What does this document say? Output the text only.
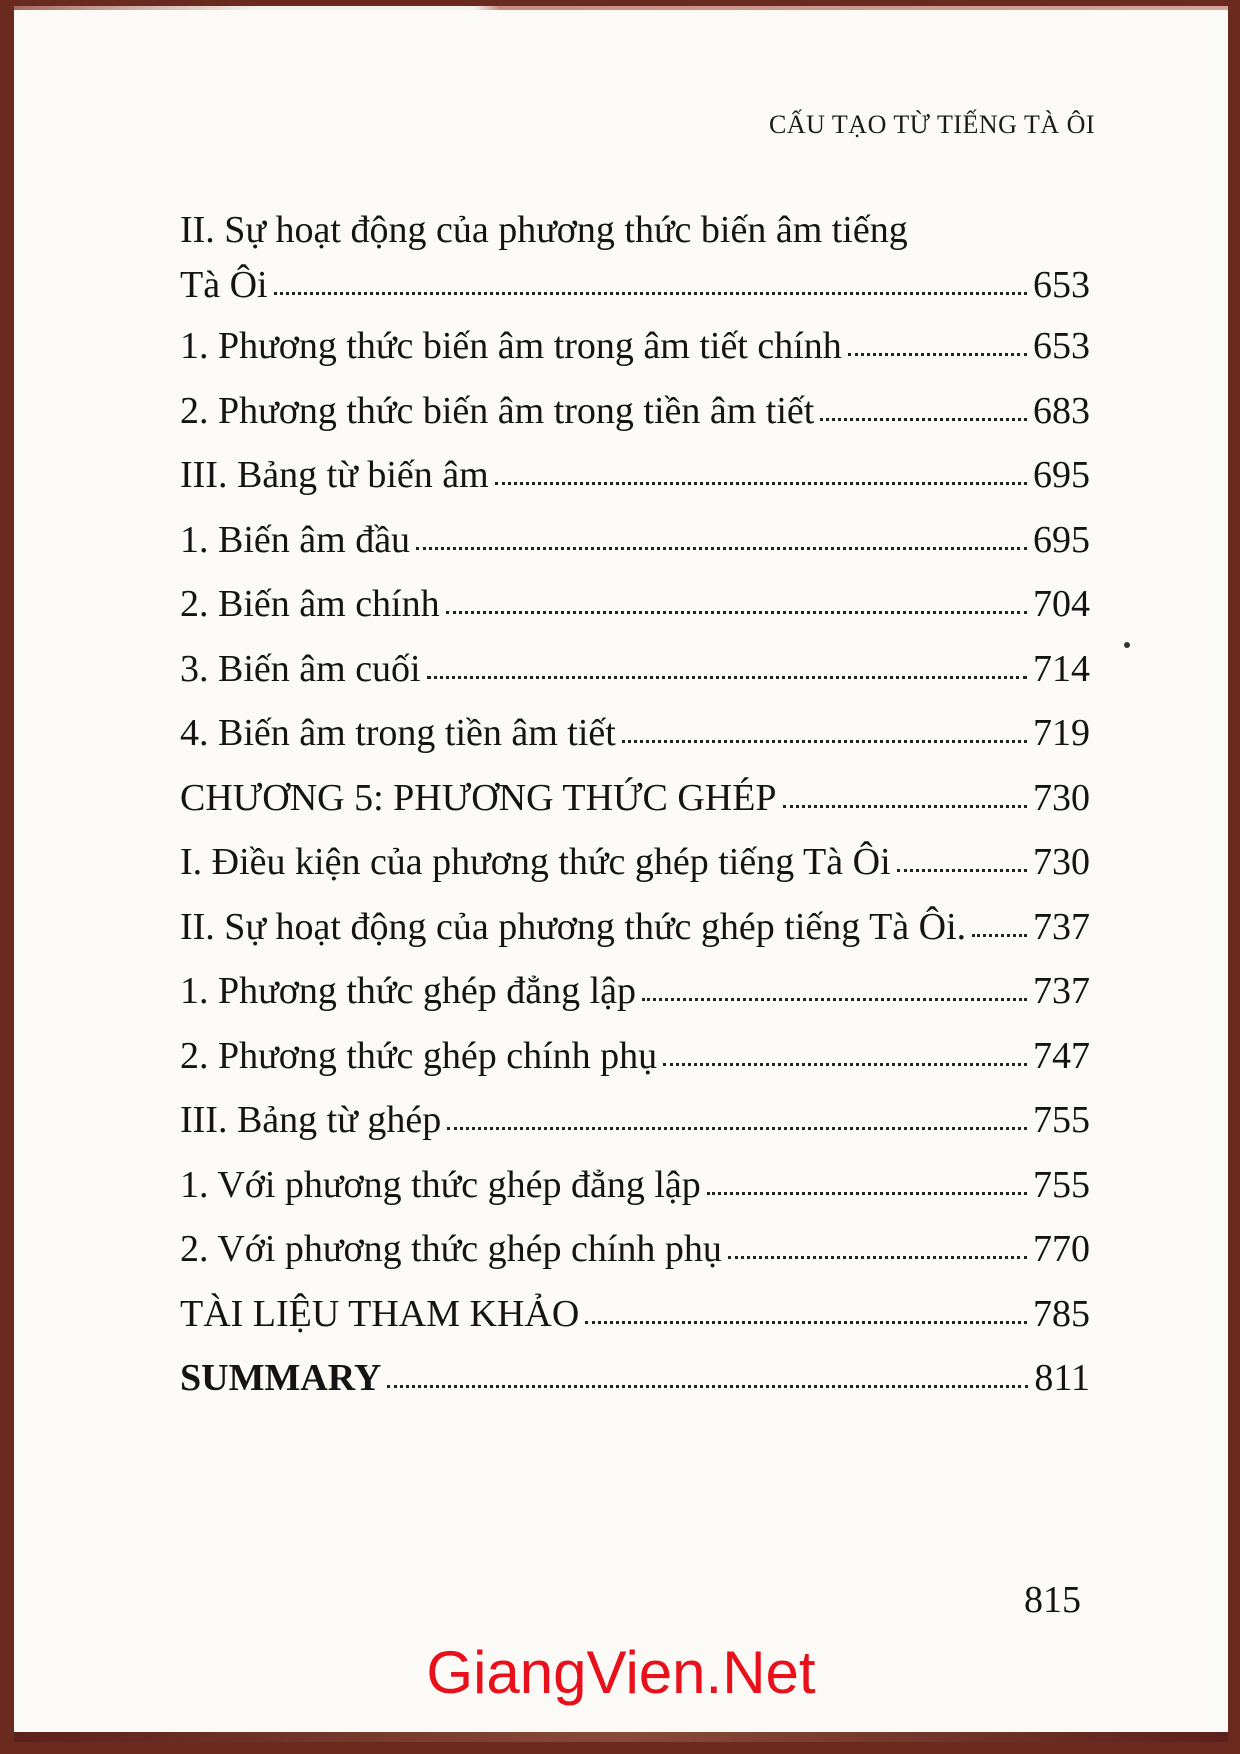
CẤU TẠO TỪ TIẾNG TÀ ÔI
II. Sự hoạt động của phương thức biến âm tiếng
Tà Ôi	653
1. Phương thức biến âm trong âm tiết chính	653
2. Phương thức biến âm trong tiền âm tiết	683
III. Bảng từ biến âm	695
1. Biến âm đầu	695
2. Biến âm chính	704
3. Biến âm cuối	714
4. Biến âm trong tiền âm tiết	719
CHƯƠNG 5: PHƯƠNG THỨC GHÉP	730
I. Điều kiện của phương thức ghép tiếng Tà Ôi	730
II. Sự hoạt động của phương thức ghép tiếng Tà Ôi. 737
1. Phương thức ghép đẳng lập	737
2. Phương thức ghép chính phụ	747
III. Bảng từ ghép	755
1. Với phương thức ghép đẳng lập	755
2. Với phương thức ghép chính phụ	770
TÀI LIỆU THAM KHẢO	785
SUMMARY	811
815
GiangVien.Net
